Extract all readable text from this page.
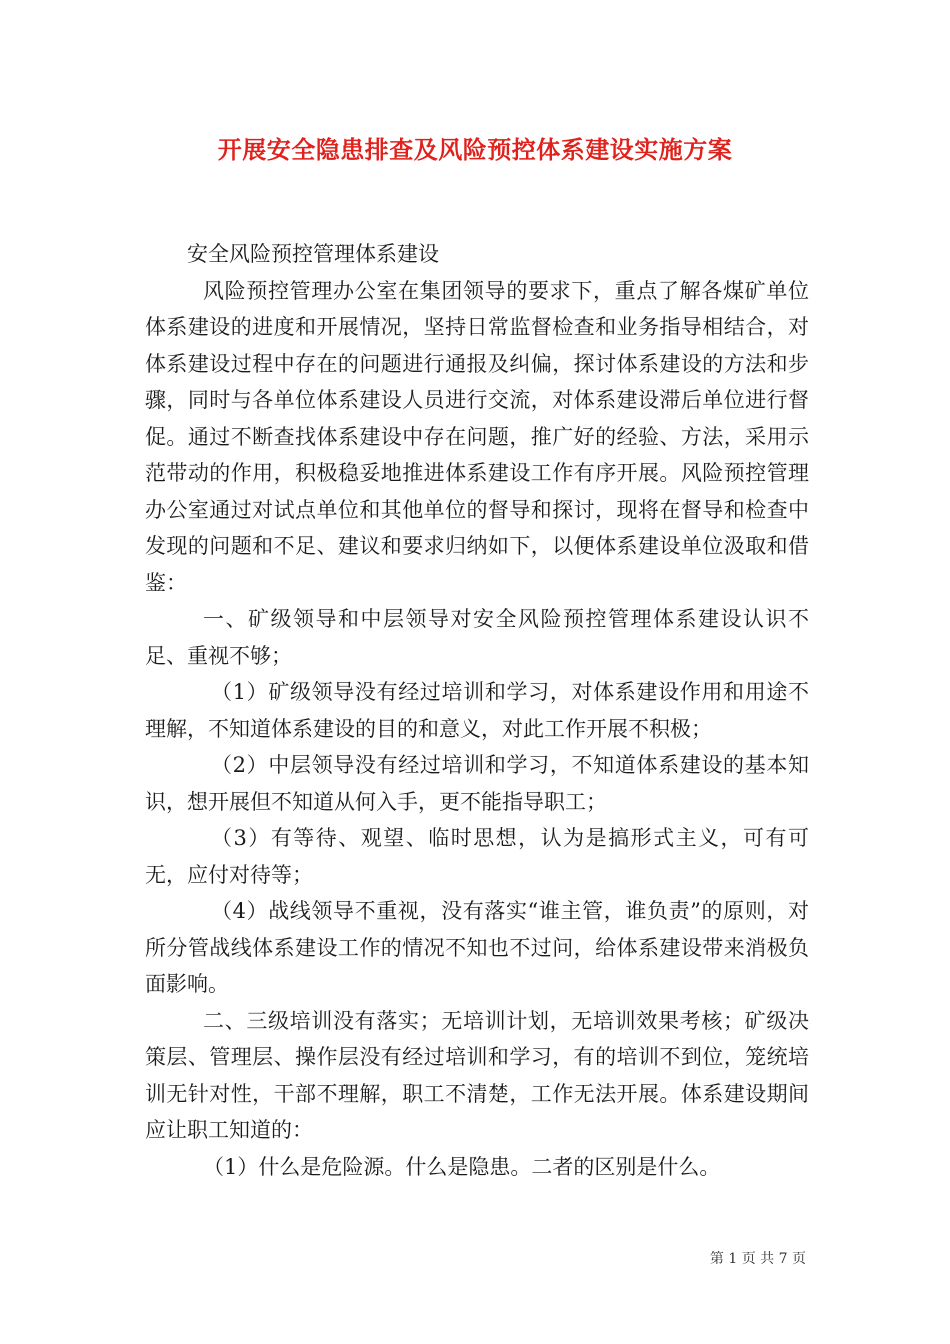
开展安全隐患排查及风险预控体系建设实施方案

安全风险预控管理体系建设

风险预控管理办公室在集团领导的要求下，重点了解各煤矿单位体系建设的进度和开展情况，坚持日常监督检查和业务指导相结合，对体系建设过程中存在的问题进行通报及纠偏，探讨体系建设的方法和步骤，同时与各单位体系建设人员进行交流，对体系建设滞后单位进行督促。通过不断查找体系建设中存在问题，推广好的经验、方法，采用示范带动的作用，积极稳妥地推进体系建设工作有序开展。风险预控管理办公室通过对试点单位和其他单位的督导和探讨，现将在督导和检查中发现的问题和不足、建议和要求归纳如下，以便体系建设单位汲取和借鉴：

一、矿级领导和中层领导对安全风险预控管理体系建设认识不足、重视不够；

（1）矿级领导没有经过培训和学习，对体系建设作用和用途不理解，不知道体系建设的目的和意义，对此工作开展不积极；

（2）中层领导没有经过培训和学习，不知道体系建设的基本知识，想开展但不知道从何入手，更不能指导职工；

（3）有等待、观望、临时思想，认为是搞形式主义，可有可无，应付对待等；

（4）战线领导不重视，没有落实“谁主管，谁负责”的原则，对所分管战线体系建设工作的情况不知也不过问，给体系建设带来消极负面影响。

二、三级培训没有落实；无培训计划，无培训效果考核；矿级决策层、管理层、操作层没有经过培训和学习，有的培训不到位，笼统培训无针对性，干部不理解，职工不清楚，工作无法开展。体系建设期间应让职工知道的：

（1）什么是危险源。什么是隐患。二者的区别是什么。

第 1 页 共 7 页
